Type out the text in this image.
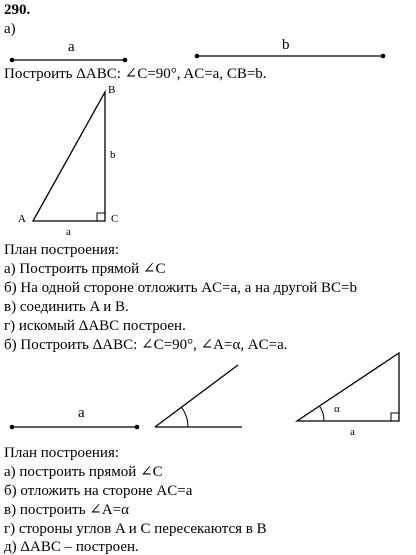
290.
а)
a	b
Построить ΔABC: ∠C=90°, AC=a, CB=b.
B
b
A	C
a
План построения:
а) Построить прямой ∠C
б) На одной стороне отложить AC=a, а на другой BC=b
в) соединить A и B.
г) искомый ΔABC построен.
б) Построить ΔABC: ∠C=90°, ∠A=α, AC=a.
a	α
a
План построения:
а) построить прямой ∠C
б) отложить на стороне AC=a
в) построить ∠A=α
г) стороны углов A и C пересекаются в B
д) ΔABC – построен.
